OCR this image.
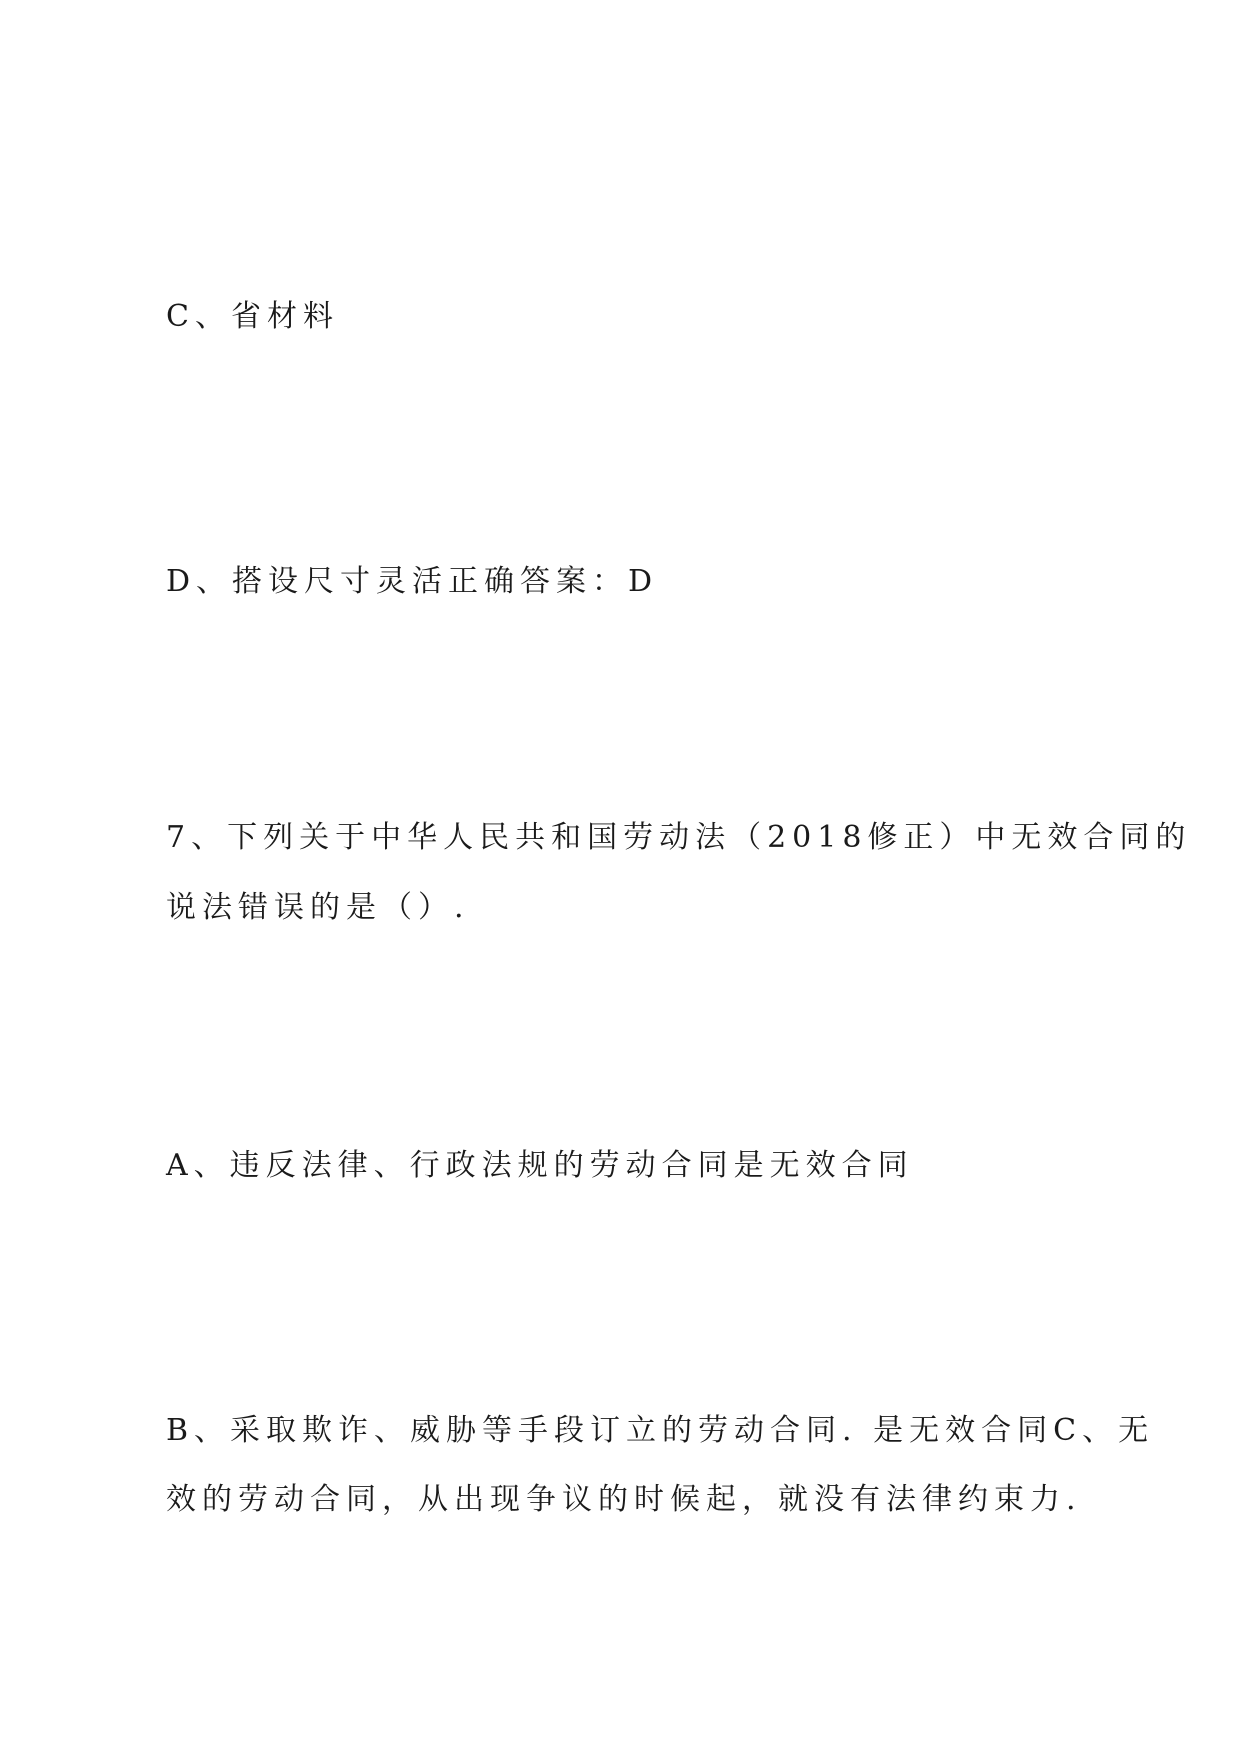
C、省材料
D、搭设尺寸灵活正确答案：D
7、下列关于中华人民共和国劳动法（2018修正）中无效合同的
说法错误的是（）.
A、违反法律、行政法规的劳动合同是无效合同
B、采取欺诈、威胁等手段订立的劳动合同. 是无效合同C、无
效的劳动合同，从出现争议的时候起，就没有法律约束力.
